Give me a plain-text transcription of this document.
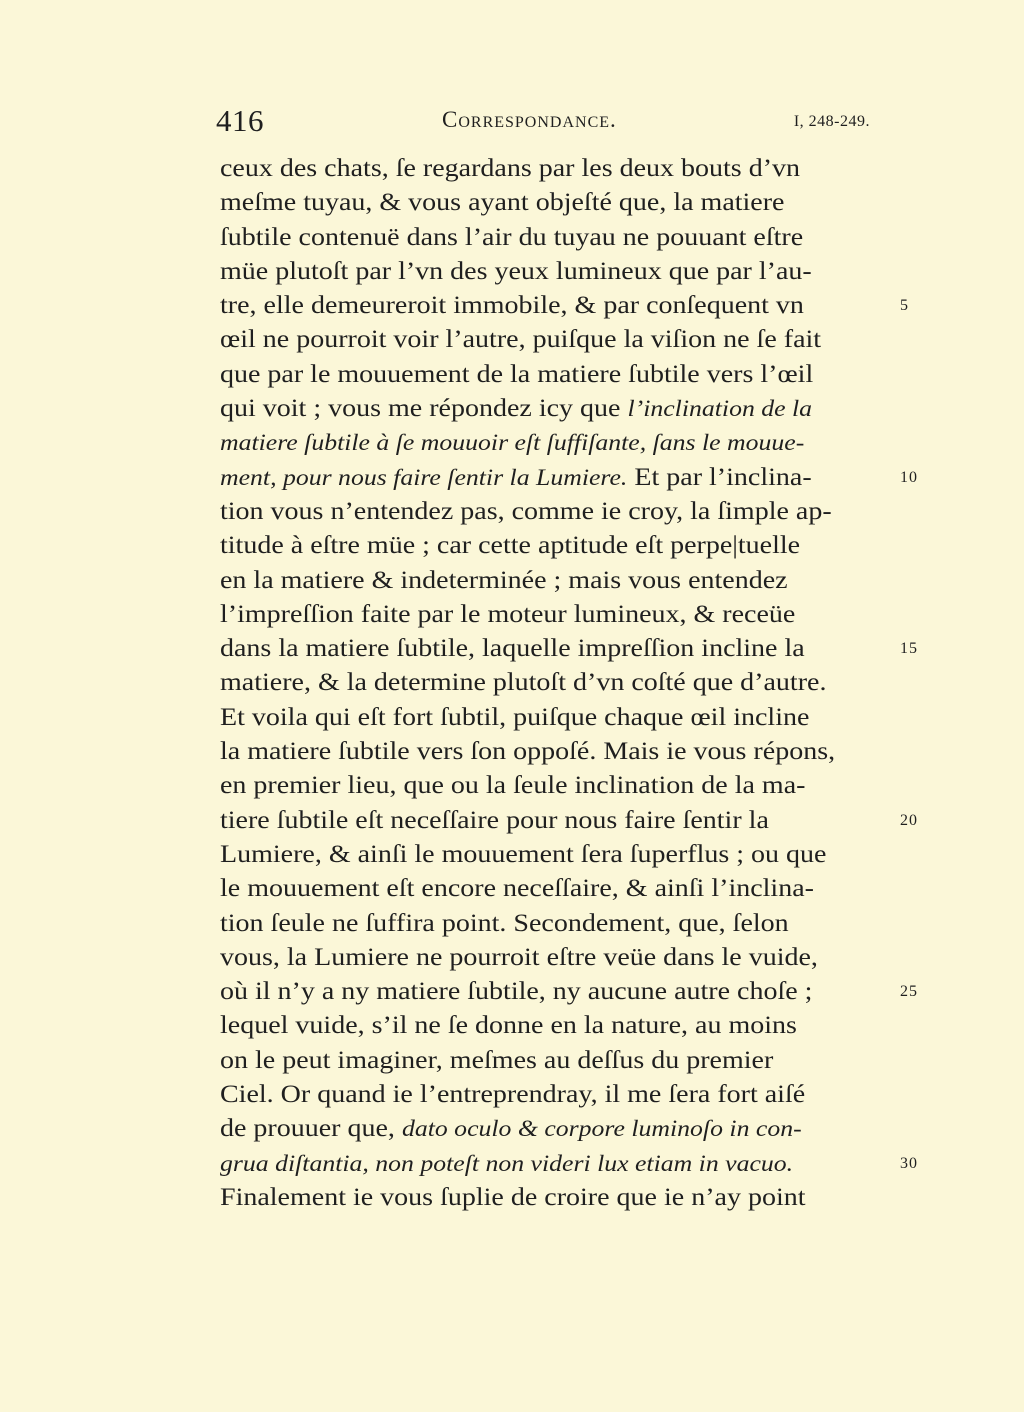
416	Correspondance.	I, 248-249.
ceux des chats, ſe regardans par les deux bouts d’vn
meſme tuyau, & vous ayant objeſté que, la matiere
ſubtile contenuë dans l’air du tuyau ne pouuant eſtre
müe plutoſt par l’vn des yeux lumineux que par l’au-
tre, elle demeureroit immobile, & par conſequent vn	5
œil ne pourroit voir l’autre, puiſque la viſion ne ſe fait
que par le mouuement de la matiere ſubtile vers l’œil
qui voit ; vous me répondez icy que l’inclination de la
matiere ſubtile à ſe mouuoir eſt ſuffiſante, ſans le mouue-
ment, pour nous faire ſentir la Lumiere. Et par l’inclina-	10
tion vous n’entendez pas, comme ie croy, la ſimple ap-
titude à eſtre müe ; car cette aptitude eſt perpe|tuelle
en la matiere & indeterminée ; mais vous entendez
l’impreſſion faite par le moteur lumineux, & receüe
dans la matiere ſubtile, laquelle impreſſion incline la	15
matiere, & la determine plutoſt d’vn coſté que d’autre.
Et voila qui eſt fort ſubtil, puiſque chaque œil incline
la matiere ſubtile vers ſon oppoſé. Mais ie vous répons,
en premier lieu, que ou la ſeule inclination de la ma-
tiere ſubtile eſt neceſſaire pour nous faire ſentir la	20
Lumiere, & ainſi le mouuement ſera ſuperflus ; ou que
le mouuement eſt encore neceſſaire, & ainſi l’inclina-
tion ſeule ne ſuffira point. Secondement, que, ſelon
vous, la Lumiere ne pourroit eſtre veüe dans le vuide,
où il n’y a ny matiere ſubtile, ny aucune autre choſe ;	25
lequel vuide, s’il ne ſe donne en la nature, au moins
on le peut imaginer, meſmes au deſſus du premier
Ciel. Or quand ie l’entreprendray, il me ſera fort aiſé
de prouuer que, dato oculo & corpore luminoſo in con-
grua diſtantia, non poteſt non videri lux etiam in vacuo.	30
Finalement ie vous ſuplie de croire que ie n’ay point
